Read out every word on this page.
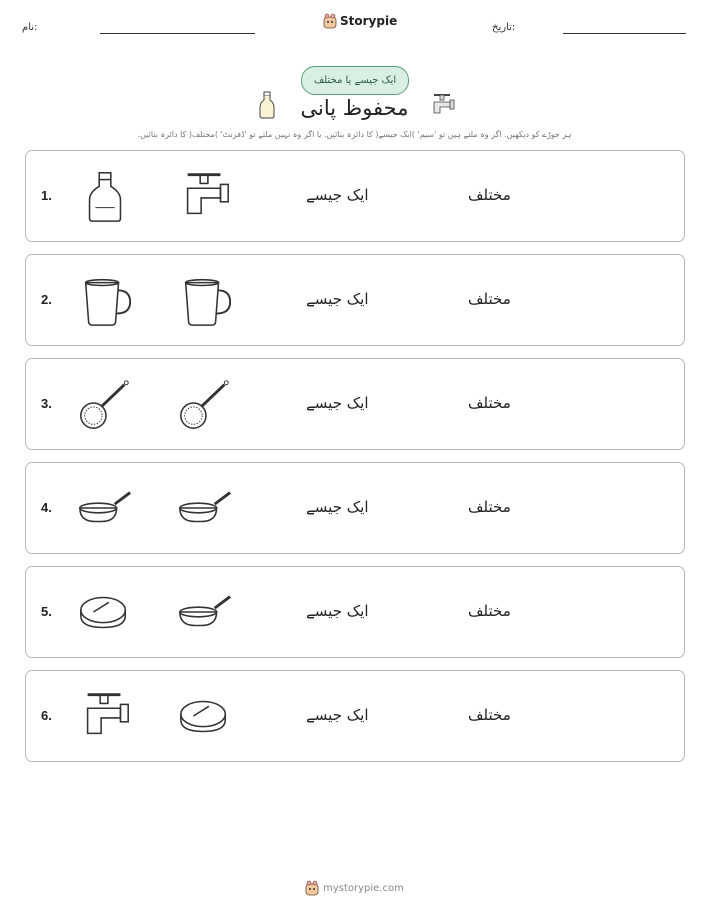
نام:	Storypie	تاریخ:
ایک جیسے یا مختلف
محفوظ پانی
ہر جوڑے کو دیکھیں. اگر وہ ملتے ہیں تو 'سیم' )ایک جیسے( کا دائرہ بنائیں. یا اگر وہ نہیں ملتے تو 'ڈفرنٹ' )مختلف( کا دائرہ بنائیں.
1.	ایک جیسے	مختلف
2.	ایک جیسے	مختلف
3.	ایک جیسے	مختلف
4.	ایک جیسے	مختلف
5.	ایک جیسے	مختلف
6.	ایک جیسے	مختلف
mystorypie.com
